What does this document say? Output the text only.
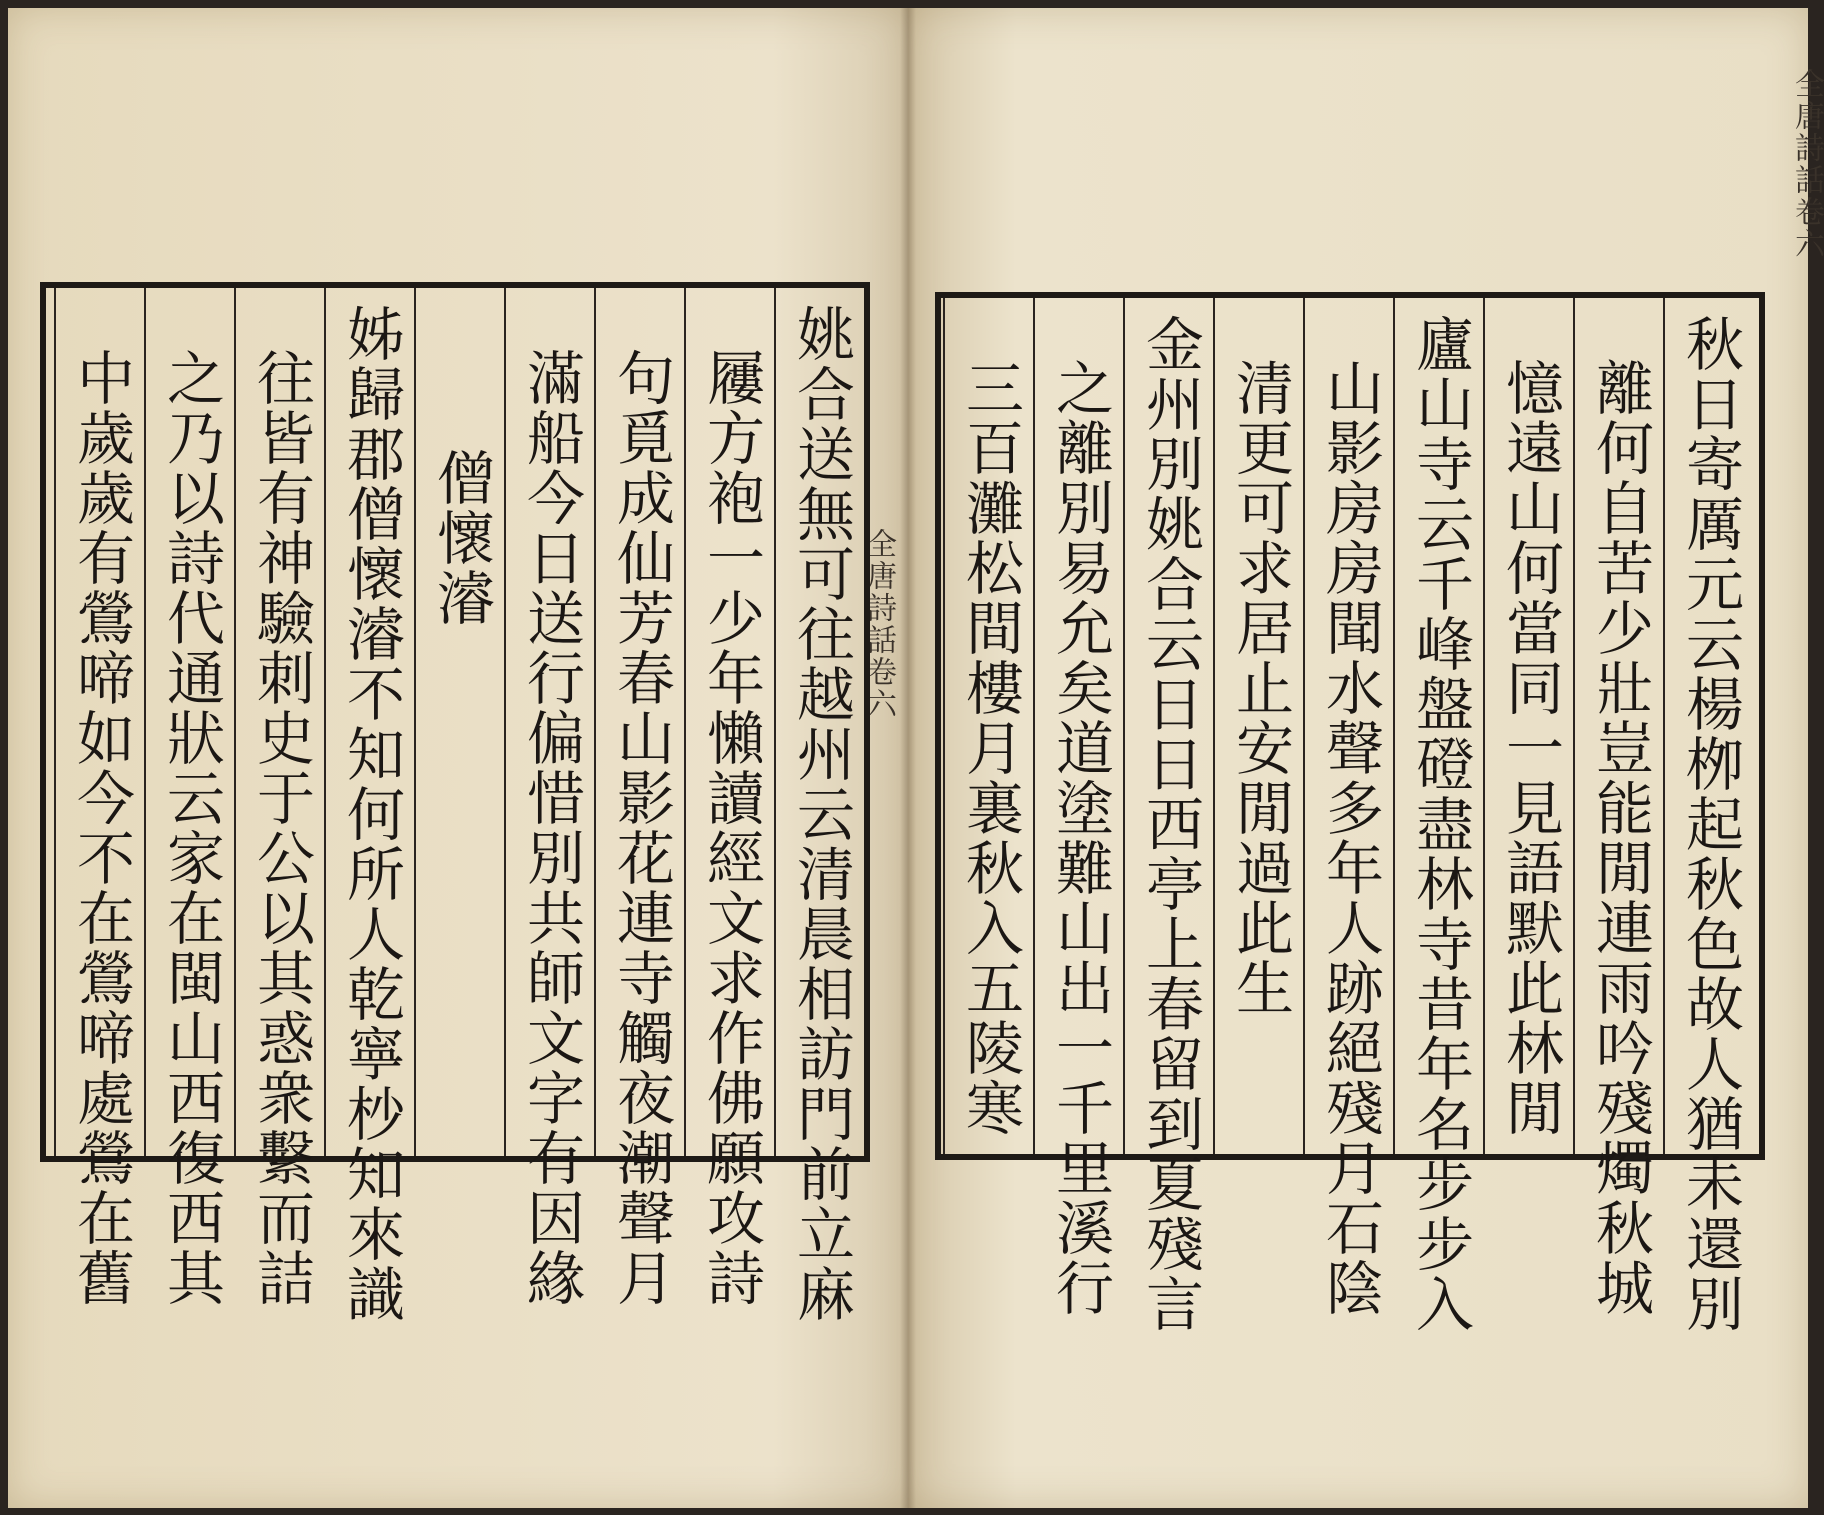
全唐詩話卷六
全唐詩話卷六
姚合送無可往越州云清晨相訪門前立麻
屨方袍一少年懶讀經文求作佛願攻詩
句覓成仙芳春山影花連寺觸夜潮聲月
滿船今日送行偏惜別共師文字有因緣
僧懷濬
姊歸郡僧懷濬不知何所人乾寧杪知來識
往皆有神驗刺史于公以其惑衆繫而詰
之乃以詩代通狀云家在閩山西復西其
中歲歲有鶯啼如今不在鶯啼處鶯在舊	秋日寄厲元云楊栁起秋色故人猶未還別
離何自苦少壯豈能閒連雨吟殘燭秋城
憶遠山何當同一見語默此林閒
廬山寺云千峰盤磴盡林寺昔年名步步入
山影房房聞水聲多年人跡絕殘月石陰
清更可求居止安閒過此生
金州別姚合云日日西亭上春留到夏殘言
之離別易允矣道塗難山出一千里溪行
三百灘松間樓月裏秋入五陵寒
